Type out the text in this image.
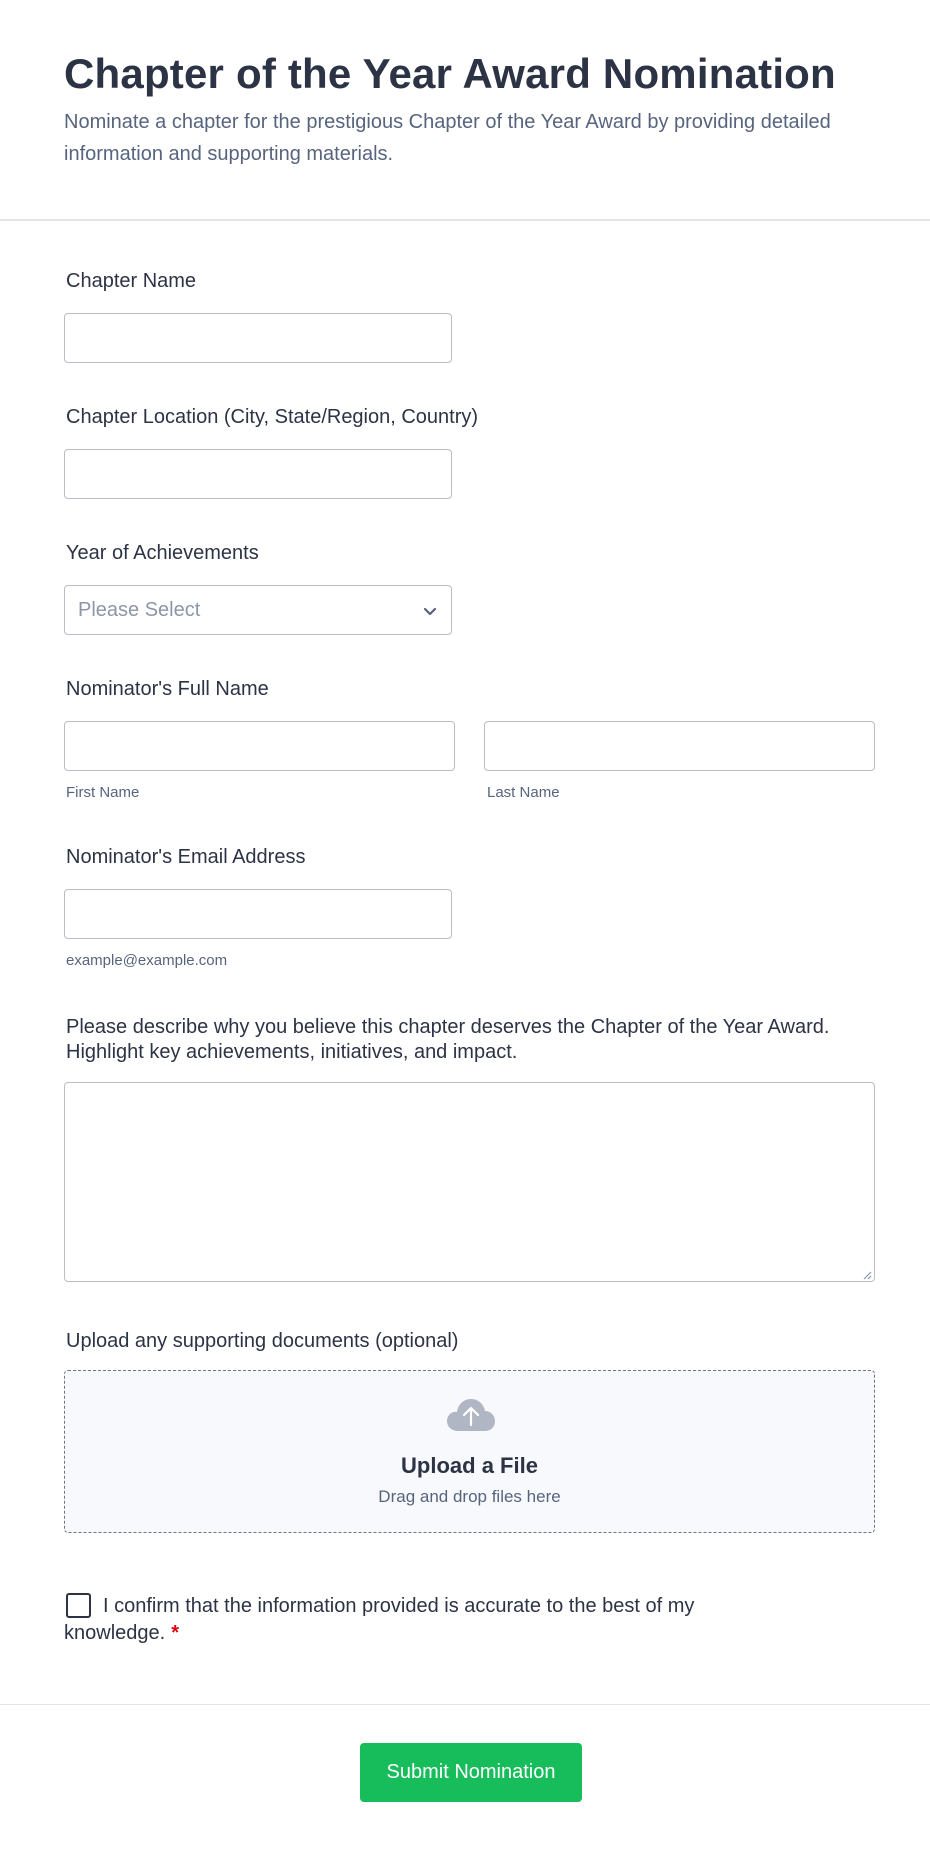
Chapter of the Year Award Nomination

Nominate a chapter for the prestigious Chapter of the Year Award by providing detailed information and supporting materials.

Chapter Name
Chapter Location (City, State/Region, Country)
Year of Achievements
Please Select
Nominator's Full Name
First Name	Last Name
Nominator's Email Address
example@example.com
Please describe why you believe this chapter deserves the Chapter of the Year Award. Highlight key achievements, initiatives, and impact.
Upload any supporting documents (optional)
Upload a File
Drag and drop files here
I confirm that the information provided is accurate to the best of my knowledge. *
Submit Nomination
